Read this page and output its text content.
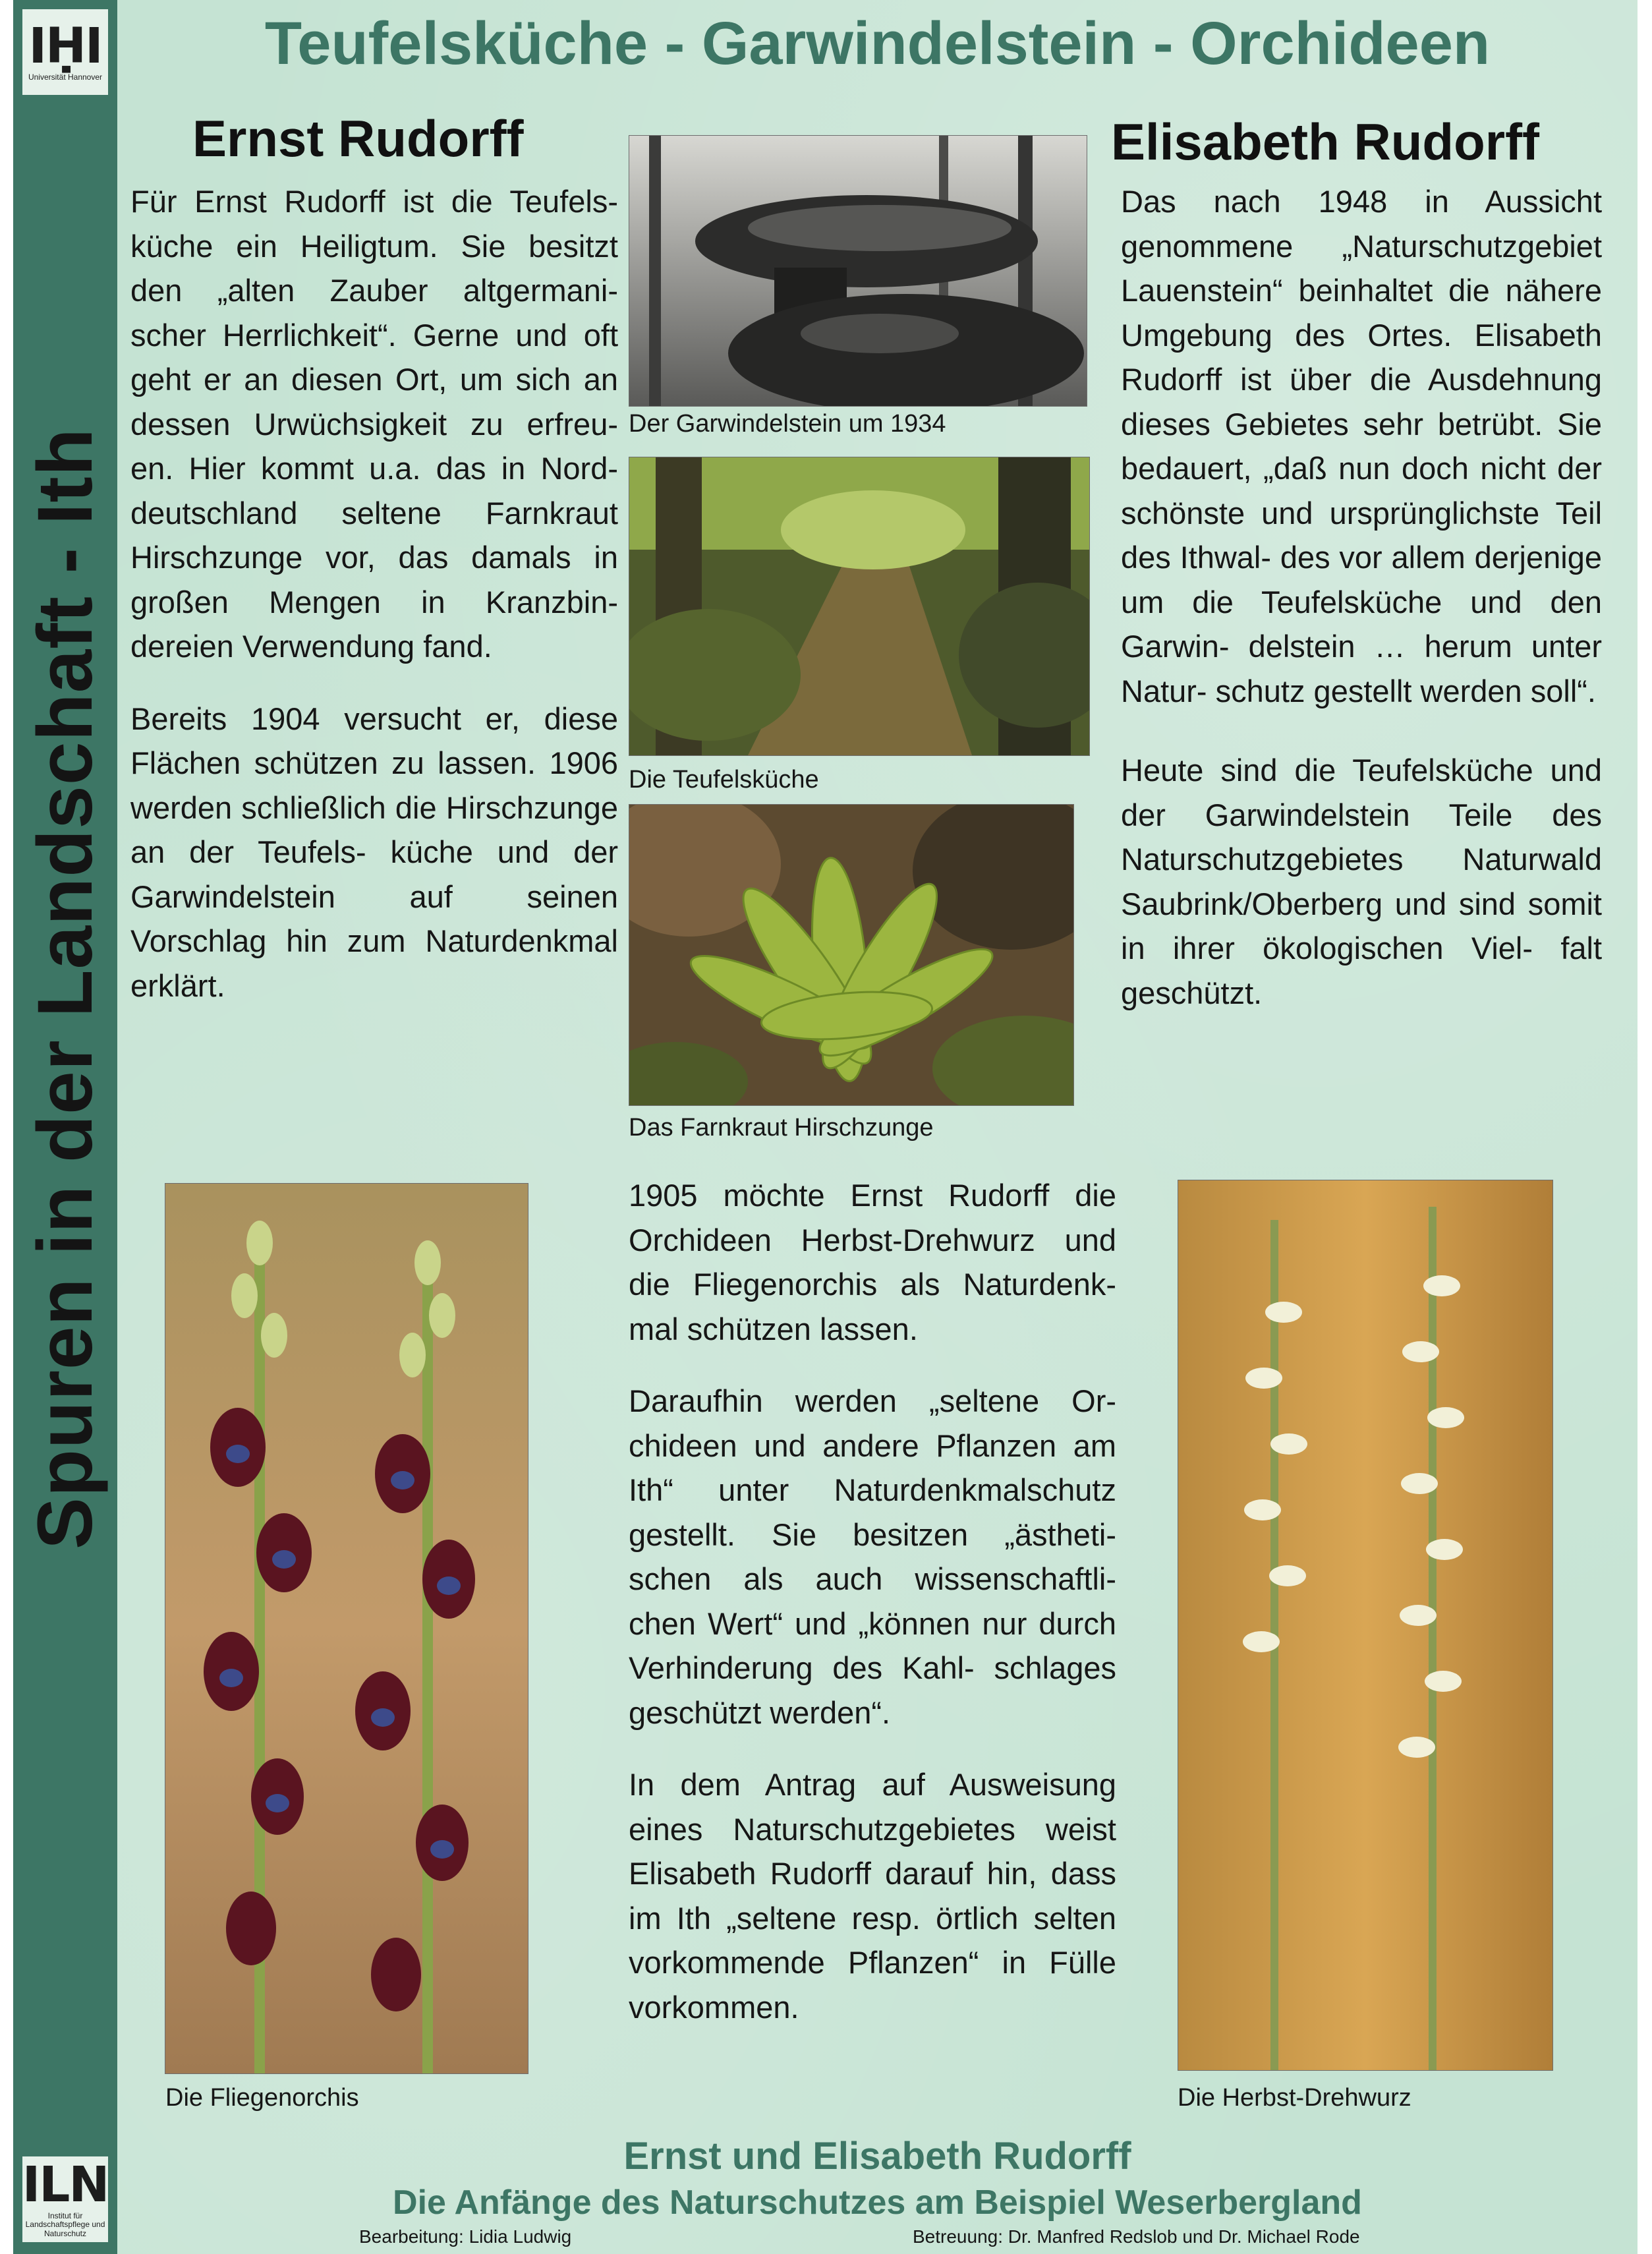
IḤI
Universität Hannover
Spuren in der Landschaft - Ith
ILN
Institut für Landschaftspflege und Naturschutz
Teufelsküche - Garwindelstein - Orchideen
Ernst Rudorff

Für Ernst Rudorff ist die Teufels- küche ein Heiligtum. Sie besitzt den „alten Zauber altgermani- scher Herrlichkeit“. Gerne und oft geht er an diesen Ort, um sich an dessen Urwüchsigkeit zu erfreu- en. Hier kommt u.a. das in Nord- deutschland seltene Farnkraut Hirschzunge vor, das damals in großen Mengen in Kranzbin- dereien Verwendung fand.

Bereits 1904 versucht er, diese Flächen schützen zu lassen. 1906 werden schließlich die Hirschzunge an der Teufels- küche und der Garwindelstein auf seinen Vorschlag hin zum Naturdenkmal erklärt.

Der Garwindelstein um 1934

Die Teufelsküche

Das Farnkraut Hirschzunge

Elisabeth Rudorff

Das nach 1948 in Aussicht genommene „Naturschutzgebiet Lauenstein“ beinhaltet die nähere Umgebung des Ortes. Elisabeth Rudorff ist über die Ausdehnung dieses Gebietes sehr betrübt. Sie bedauert, „daß nun doch nicht der schönste und ursprünglichste Teil des Ithwal- des vor allem derjenige um die Teufelsküche und den Garwin- delstein … herum unter Natur- schutz gestellt werden soll“.

Heute sind die Teufelsküche und der Garwindelstein Teile des Naturschutzgebietes Naturwald Saubrink/Oberberg und sind somit in ihrer ökologischen Viel- falt geschützt.

1905 möchte Ernst Rudorff die Orchideen Herbst-Drehwurz und die Fliegenorchis als Naturdenk- mal schützen lassen.

Daraufhin werden „seltene Or- chideen und andere Pflanzen am Ith“ unter Naturdenkmalschutz gestellt. Sie besitzen „ästheti- schen als auch wissenschaftli- chen Wert“ und „können nur durch Verhinderung des Kahl- schlages geschützt werden“.

In dem Antrag auf Ausweisung eines Naturschutzgebietes weist Elisabeth Rudorff darauf hin, dass im Ith „seltene resp. örtlich selten vorkommende Pflanzen“ in Fülle vorkommen.

Die Fliegenorchis	Die Herbst-Drehwurz

Ernst und Elisabeth Rudorff

Die Anfänge des Naturschutzes am Beispiel Weserbergland

Bearbeitung: Lidia Ludwig	Betreuung: Dr. Manfred Redslob und Dr. Michael Rode
